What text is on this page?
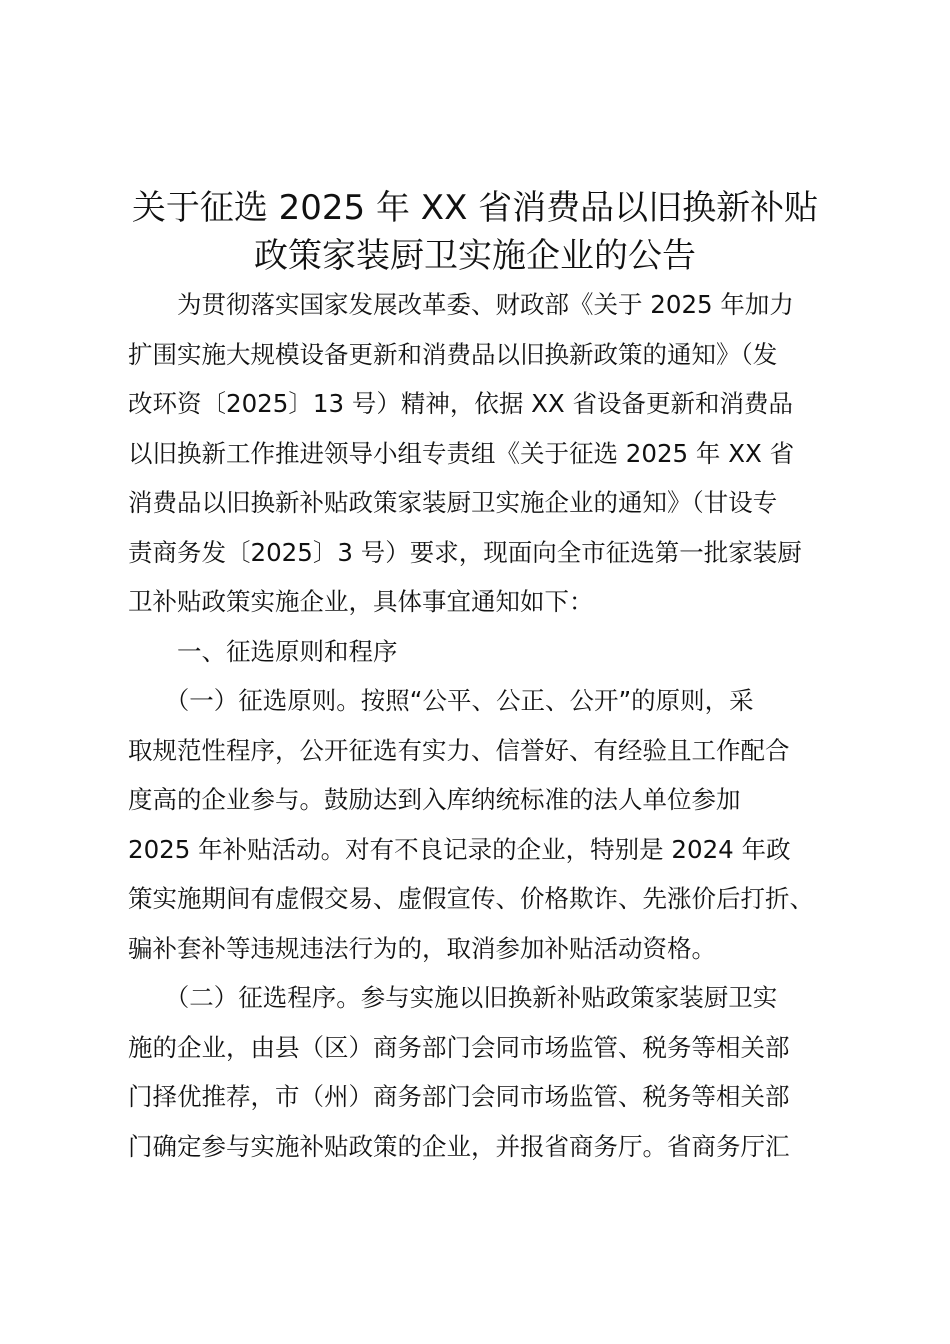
关于征选 2025 年 XX 省消费品以旧换新补贴
政策家装厨卫实施企业的公告
　　为贯彻落实国家发展改革委、财政部《关于 2025 年加力
扩围实施大规模设备更新和消费品以旧换新政策的通知》（发
改环资〔2025〕13 号）精神，依据 XX 省设备更新和消费品
以旧换新工作推进领导小组专责组《关于征选 2025 年 XX 省
消费品以旧换新补贴政策家装厨卫实施企业的通知》（甘设专
责商务发〔2025〕3 号）要求，现面向全市征选第一批家装厨
卫补贴政策实施企业，具体事宜通知如下：
　　一、征选原则和程序
　　（一）征选原则。按照“公平、公正、公开”的原则，采
取规范性程序，公开征选有实力、信誉好、有经验且工作配合
度高的企业参与。鼓励达到入库纳统标准的法人单位参加
2025 年补贴活动。对有不良记录的企业，特别是 2024 年政
策实施期间有虚假交易、虚假宣传、价格欺诈、先涨价后打折、
骗补套补等违规违法行为的，取消参加补贴活动资格。
　　（二）征选程序。参与实施以旧换新补贴政策家装厨卫实
施的企业，由县（区）商务部门会同市场监管、税务等相关部
门择优推荐，市（州）商务部门会同市场监管、税务等相关部
门确定参与实施补贴政策的企业，并报省商务厅。省商务厅汇
